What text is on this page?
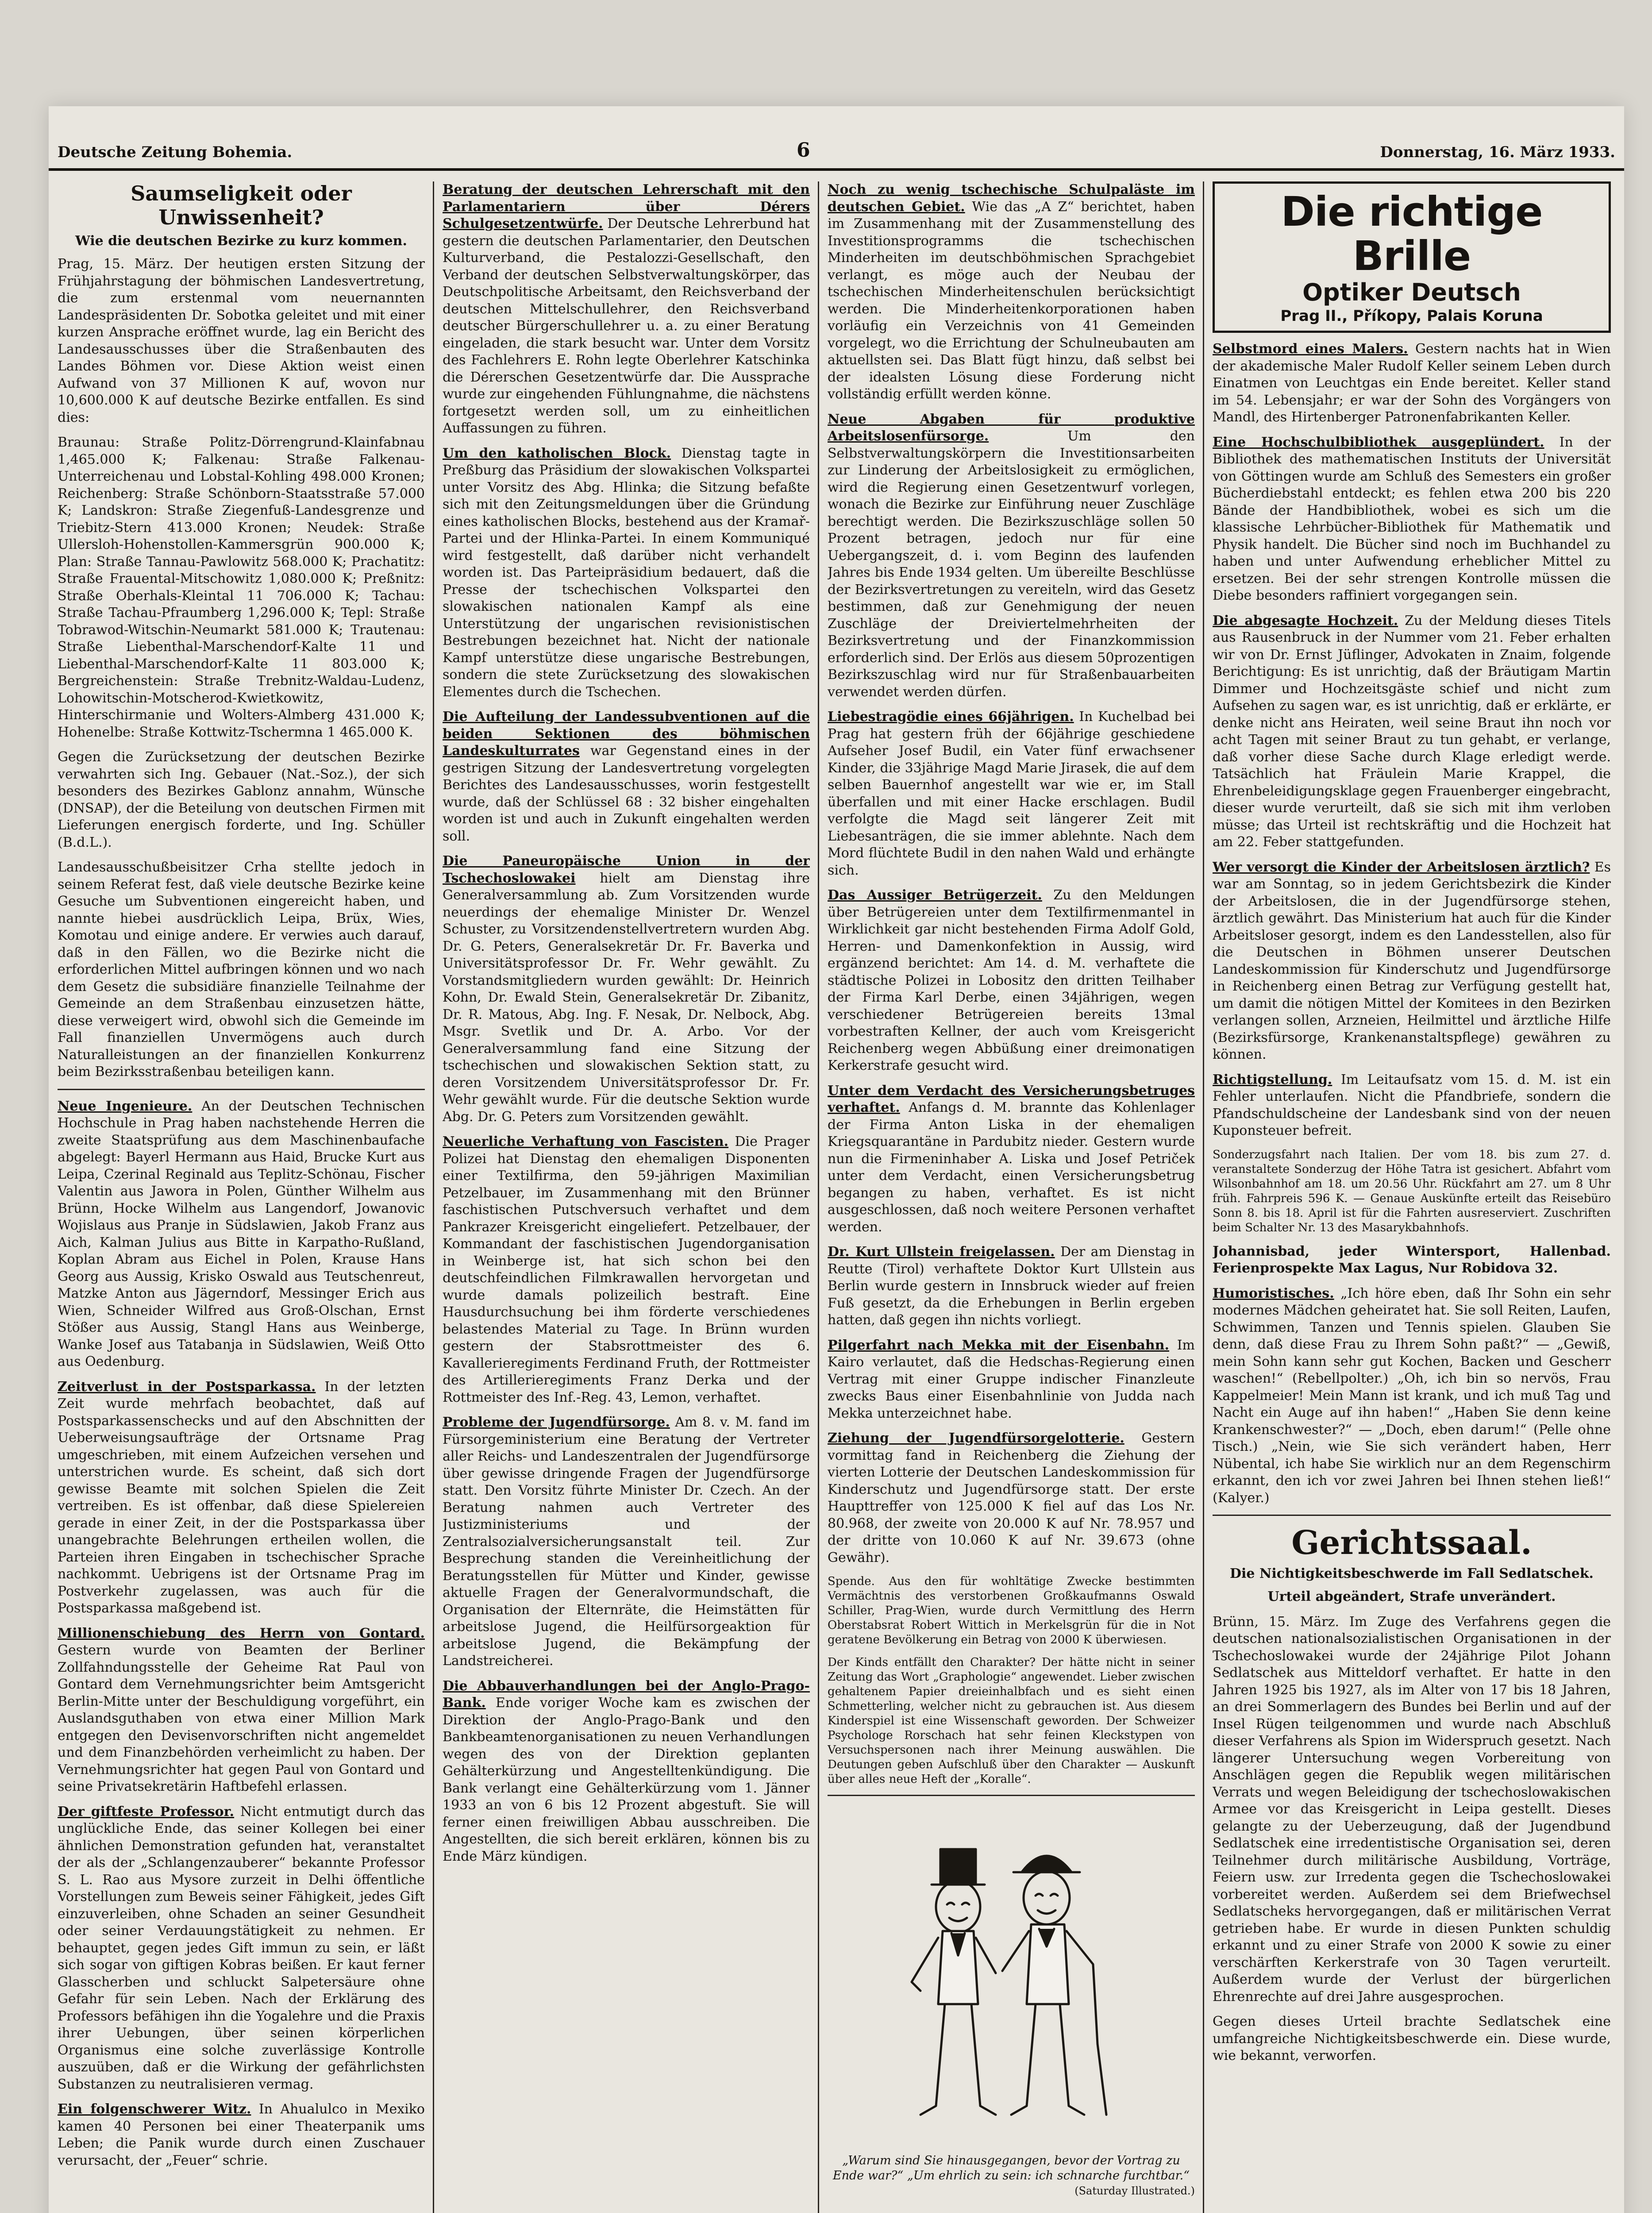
Deutsche Zeitung Bohemia.	6	Donnerstag, 16. März 1933.
Saumseligkeit oder Unwissenheit?
Wie die deutschen Bezirke zu kurz kommen.

Prag, 15. März. Der heutigen ersten Sitzung der Frühjahrstagung der böhmischen Landesvertretung, die zum erstenmal vom neuernannten Landespräsidenten Dr. Sobotka geleitet und mit einer kurzen Ansprache eröffnet wurde, lag ein Bericht des Landesausschusses über die Straßenbauten des Landes Böhmen vor. Diese Aktion weist einen Aufwand von 37 Millionen K auf, wovon nur 10,600.000 K auf deutsche Bezirke entfallen. Es sind dies:

Braunau: Straße Politz-Dörrengrund-Klainfabnau 1,465.000 K; Falkenau: Straße Falkenau-Unterreichenau und Lobstal-Kohling 498.000 Kronen; Reichenberg: Straße Schönborn-Staatsstraße 57.000 K; Landskron: Straße Ziegenfuß-Landesgrenze und Triebitz-Stern 413.000 Kronen; Neudek: Straße Ullersloh-Hohenstollen-Kammersgrün 900.000 K; Plan: Straße Tannau-Pawlowitz 568.000 K; Prachatitz: Straße Frauental-Mitschowitz 1,080.000 K; Preßnitz: Straße Oberhals-Kleintal 11 706.000 K; Tachau: Straße Tachau-Pfraumberg 1,296.000 K; Tepl: Straße Tobrawod-Witschin-Neumarkt 581.000 K; Trautenau: Straße Liebenthal-Marschendorf-Kalte 11 und Liebenthal-Marschendorf-Kalte 11 803.000 K; Bergreichenstein: Straße Trebnitz-Waldau-Ludenz, Lohowitschin-Motscherod-Kwietkowitz, Hinterschirmanie und Wolters-Almberg 431.000 K; Hohenelbe: Straße Kottwitz-Tschermna 1 465.000 K.

Gegen die Zurücksetzung der deutschen Bezirke verwahrten sich Ing. Gebauer (Nat.-Soz.), der sich besonders des Bezirkes Gablonz annahm, Wünsche (DNSAP), der die Beteilung von deutschen Firmen mit Lieferungen energisch forderte, und Ing. Schüller (B.d.L.).

Landesausschußbeisitzer Crha stellte jedoch in seinem Referat fest, daß viele deutsche Bezirke keine Gesuche um Subventionen eingereicht haben, und nannte hiebei ausdrücklich Leipa, Brüx, Wies, Komotau und einige andere. Er verwies auch darauf, daß in den Fällen, wo die Bezirke nicht die erforderlichen Mittel aufbringen können und wo nach dem Gesetz die subsidiäre finanzielle Teilnahme der Gemeinde an dem Straßenbau einzusetzen hätte, diese verweigert wird, obwohl sich die Gemeinde im Fall finanziellen Unvermögens auch durch Naturalleistungen an der finanziellen Konkurrenz beim Bezirksstraßenbau beteiligen kann.

Neue Ingenieure. An der Deutschen Technischen Hochschule in Prag haben nachstehende Herren die zweite Staatsprüfung aus dem Maschinenbaufache abgelegt: Bayerl Hermann aus Haid, Brucke Kurt aus Leipa, Czerinal Reginald aus Teplitz-Schönau, Fischer Valentin aus Jawora in Polen, Günther Wilhelm aus Brünn, Hocke Wilhelm aus Langendorf, Jowanovic Wojislaus aus Pranje in Südslawien, Jakob Franz aus Aich, Kalman Julius aus Bitte in Karpatho-Rußland, Koplan Abram aus Eichel in Polen, Krause Hans Georg aus Aussig, Krisko Oswald aus Teutschenreut, Matzke Anton aus Jägerndorf, Messinger Erich aus Wien, Schneider Wilfred aus Groß-Olschan, Ernst Stößer aus Aussig, Stangl Hans aus Weinberge, Wanke Josef aus Tatabanja in Südslawien, Weiß Otto aus Oedenburg.

Zeitverlust in der Postsparkassa. In der letzten Zeit wurde mehrfach beobachtet, daß auf Postsparkassenschecks und auf den Abschnitten der Ueberweisungsaufträge der Ortsname Prag umgeschrieben, mit einem Aufzeichen versehen und unterstrichen wurde. Es scheint, daß sich dort gewisse Beamte mit solchen Spielen die Zeit vertreiben. Es ist offenbar, daß diese Spielereien gerade in einer Zeit, in der die Postsparkassa über unangebrachte Belehrungen ertheilen wollen, die Parteien ihren Eingaben in tschechischer Sprache nachkommt. Uebrigens ist der Ortsname Prag im Postverkehr zugelassen, was auch für die Postsparkassa maßgebend ist.

Millionenschiebung des Herrn von Gontard. Gestern wurde von Beamten der Berliner Zollfahndungsstelle der Geheime Rat Paul von Gontard dem Vernehmungsrichter beim Amtsgericht Berlin-Mitte unter der Beschuldigung vorgeführt, ein Auslandsguthaben von etwa einer Million Mark entgegen den Devisenvorschriften nicht angemeldet und dem Finanzbehörden verheimlicht zu haben. Der Vernehmungsrichter hat gegen Paul von Gontard und seine Privatsekretärin Haftbefehl erlassen.

Der giftfeste Professor. Nicht entmutigt durch das unglückliche Ende, das seiner Kollegen bei einer ähnlichen Demonstration gefunden hat, veranstaltet der als der „Schlangenzauberer“ bekannte Professor S. L. Rao aus Mysore zurzeit in Delhi öffentliche Vorstellungen zum Beweis seiner Fähigkeit, jedes Gift einzuverleiben, ohne Schaden an seiner Gesundheit oder seiner Verdauungstätigkeit zu nehmen. Er behauptet, gegen jedes Gift immun zu sein, er läßt sich sogar von giftigen Kobras beißen. Er kaut ferner Glasscherben und schluckt Salpetersäure ohne Gefahr für sein Leben. Nach der Erklärung des Professors befähigen ihn die Yogalehre und die Praxis ihrer Uebungen, über seinen körperlichen Organismus eine solche zuverlässige Kontrolle auszuüben, daß er die Wirkung der gefährlichsten Substanzen zu neutralisieren vermag.

Ein folgenschwerer Witz. In Ahualulco in Mexiko kamen 40 Personen bei einer Theaterpanik ums Leben; die Panik wurde durch einen Zuschauer verursacht, der „Feuer“ schrie.

Beratung der deutschen Lehrerschaft mit den Parlamentariern über Dérers Schulgesetzentwürfe. Der Deutsche Lehrerbund hat gestern die deutschen Parlamentarier, den Deutschen Kulturverband, die Pestalozzi-Gesellschaft, den Verband der deutschen Selbstverwaltungskörper, das Deutschpolitische Arbeitsamt, den Reichsverband der deutschen Mittelschullehrer, den Reichsverband deutscher Bürgerschullehrer u. a. zu einer Beratung eingeladen, die stark besucht war. Unter dem Vorsitz des Fachlehrers E. Rohn legte Oberlehrer Katschinka die Dérerschen Gesetzentwürfe dar. Die Aussprache wurde zur eingehenden Fühlungnahme, die nächstens fortgesetzt werden soll, um zu einheitlichen Auffassungen zu führen.

Um den katholischen Block. Dienstag tagte in Preßburg das Präsidium der slowakischen Volkspartei unter Vorsitz des Abg. Hlinka; die Sitzung befaßte sich mit den Zeitungsmeldungen über die Gründung eines katholischen Blocks, bestehend aus der Kramař-Partei und der Hlinka-Partei. In einem Kommuniqué wird festgestellt, daß darüber nicht verhandelt worden ist. Das Parteipräsidium bedauert, daß die Presse der tschechischen Volkspartei den slowakischen nationalen Kampf als eine Unterstützung der ungarischen revisionistischen Bestrebungen bezeichnet hat. Nicht der nationale Kampf unterstütze diese ungarische Bestrebungen, sondern die stete Zurücksetzung des slowakischen Elementes durch die Tschechen.

Die Aufteilung der Landessubventionen auf die beiden Sektionen des böhmischen Landeskulturrates war Gegenstand eines in der gestrigen Sitzung der Landesvertretung vorgelegten Berichtes des Landesausschusses, worin festgestellt wurde, daß der Schlüssel 68 : 32 bisher eingehalten worden ist und auch in Zukunft eingehalten werden soll.

Die Paneuropäische Union in der Tschechoslowakei hielt am Dienstag ihre Generalversammlung ab. Zum Vorsitzenden wurde neuerdings der ehemalige Minister Dr. Wenzel Schuster, zu Vorsitzendenstellvertretern wurden Abg. Dr. G. Peters, Generalsekretär Dr. Fr. Baverka und Universitätsprofessor Dr. Fr. Wehr gewählt. Zu Vorstandsmitgliedern wurden gewählt: Dr. Heinrich Kohn, Dr. Ewald Stein, Generalsekretär Dr. Zibanitz, Dr. R. Matous, Abg. Ing. F. Nesak, Dr. Nelbock, Abg. Msgr. Svetlik und Dr. A. Arbo. Vor der Generalversammlung fand eine Sitzung der tschechischen und slowakischen Sektion statt, zu deren Vorsitzendem Universitätsprofessor Dr. Fr. Wehr gewählt wurde. Für die deutsche Sektion wurde Abg. Dr. G. Peters zum Vorsitzenden gewählt.

Neuerliche Verhaftung von Fascisten. Die Prager Polizei hat Dienstag den ehemaligen Disponenten einer Textilfirma, den 59-jährigen Maximilian Petzelbauer, im Zusammenhang mit den Brünner faschistischen Putschversuch verhaftet und dem Pankrazer Kreisgericht eingeliefert. Petzelbauer, der Kommandant der faschistischen Jugendorganisation in Weinberge ist, hat sich schon bei den deutschfeindlichen Filmkrawallen hervorgetan und wurde damals polizeilich bestraft. Eine Hausdurchsuchung bei ihm förderte verschiedenes belastendes Material zu Tage. In Brünn wurden gestern der Stabsrottmeister des 6. Kavallerieregiments Ferdinand Fruth, der Rottmeister des Artillerieregiments Franz Derka und der Rottmeister des Inf.-Reg. 43, Lemon, verhaftet.

Probleme der Jugendfürsorge. Am 8. v. M. fand im Fürsorgeministerium eine Beratung der Vertreter aller Reichs- und Landeszentralen der Jugendfürsorge über gewisse dringende Fragen der Jugendfürsorge statt. Den Vorsitz führte Minister Dr. Czech. An der Beratung nahmen auch Vertreter des Justizministeriums und der Zentralsozialversicherungsanstalt teil. Zur Besprechung standen die Vereinheitlichung der Beratungsstellen für Mütter und Kinder, gewisse aktuelle Fragen der Generalvormundschaft, die Organisation der Elternräte, die Heimstätten für arbeitslose Jugend, die Heilfürsorgeaktion für arbeitslose Jugend, die Bekämpfung der Landstreicherei.

Die Abbauverhandlungen bei der Anglo-Prago-Bank. Ende voriger Woche kam es zwischen der Direktion der Anglo-Prago-Bank und den Bankbeamtenorganisationen zu neuen Verhandlungen wegen des von der Direktion geplanten Gehälterkürzung und Angestelltenkündigung. Die Bank verlangt eine Gehälterkürzung vom 1. Jänner 1933 an von 6 bis 12 Prozent abgestuft. Sie will ferner einen freiwilligen Abbau ausschreiben. Die Angestellten, die sich bereit erklären, können bis zu Ende März kündigen.

Noch zu wenig tschechische Schulpaläste im deutschen Gebiet. Wie das „A Z“ berichtet, haben im Zusammenhang mit der Zusammenstellung des Investitionsprogramms die tschechischen Minderheiten im deutschböhmischen Sprachgebiet verlangt, es möge auch der Neubau der tschechischen Minderheitenschulen berücksichtigt werden. Die Minderheitenkorporationen haben vorläufig ein Verzeichnis von 41 Gemeinden vorgelegt, wo die Errichtung der Schulneubauten am aktuellsten sei. Das Blatt fügt hinzu, daß selbst bei der idealsten Lösung diese Forderung nicht vollständig erfüllt werden könne.

Neue Abgaben für produktive Arbeitslosenfürsorge.	Um den Selbstverwaltungskörpern die Investitionsarbeiten zur Linderung der Arbeitslosigkeit zu ermöglichen, wird die Regierung einen Gesetzentwurf vorlegen, wonach die Bezirke zur Einführung neuer Zuschläge berechtigt werden. Die Bezirkszuschläge sollen 50 Prozent betragen, jedoch nur für eine Uebergangszeit, d. i. vom Beginn des laufenden Jahres bis Ende 1934 gelten. Um übereilte Beschlüsse der Bezirksvertretungen zu vereiteln, wird das Gesetz bestimmen, daß zur Genehmigung der neuen Zuschläge der Dreiviertelmehrheiten der Bezirksvertretung und der Finanzkommission erforderlich sind. Der Erlös aus diesem 50prozentigen Bezirkszuschlag wird nur für Straßenbauarbeiten verwendet werden dürfen.

Liebestragödie eines 66jährigen. In Kuchelbad bei Prag hat gestern früh der 66jährige geschiedene Aufseher Josef Budil, ein Vater fünf erwachsener Kinder, die 33jährige Magd Marie Jirasek, die auf dem selben Bauernhof angestellt war wie er, im Stall überfallen und mit einer Hacke erschlagen. Budil verfolgte die Magd seit längerer Zeit mit Liebesanträgen, die sie immer ablehnte. Nach dem Mord flüchtete Budil in den nahen Wald und erhängte sich.

Das Aussiger Betrügerzeit. Zu den Meldungen über Betrügereien unter dem Textilfirmenmantel in Wirklichkeit gar nicht bestehenden Firma Adolf Gold, Herren- und Damenkonfektion in Aussig, wird ergänzend berichtet: Am 14. d. M. verhaftete die städtische Polizei in Lobositz den dritten Teilhaber der Firma Karl Derbe, einen 34jährigen, wegen verschiedener Betrügereien bereits 13mal vorbestraften Kellner, der auch vom Kreisgericht Reichenberg wegen Abbüßung einer dreimonatigen Kerkerstrafe gesucht wird.

Unter dem Verdacht des Versicherungsbetruges verhaftet. Anfangs d. M. brannte das Kohlenlager der Firma Anton Liska in der ehemaligen Kriegsquarantäne in Pardubitz nieder. Gestern wurde nun die Firmeninhaber A. Liska und Josef Petriček unter dem Verdacht, einen Versicherungsbetrug begangen zu haben, verhaftet. Es ist nicht ausgeschlossen, daß noch weitere Personen verhaftet werden.

Dr. Kurt Ullstein freigelassen. Der am Dienstag in Reutte (Tirol) verhaftete Doktor Kurt Ullstein aus Berlin wurde gestern in Innsbruck wieder auf freien Fuß gesetzt, da die Erhebungen in Berlin ergeben hatten, daß gegen ihn nichts vorliegt.

Pilgerfahrt nach Mekka mit der Eisenbahn. Im Kairo verlautet, daß die Hedschas-Regierung einen Vertrag mit einer Gruppe indischer Finanzleute zwecks Baus einer Eisenbahnlinie von Judda nach Mekka unterzeichnet habe.

Ziehung der Jugendfürsorgelotterie. Gestern vormittag fand in Reichenberg die Ziehung der vierten Lotterie der Deutschen Landeskommission für Kinderschutz und Jugendfürsorge statt. Der erste Haupttreffer von 125.000 K fiel auf das Los Nr. 80.968, der zweite von 20.000 K auf Nr. 78.957 und der dritte von 10.060 K auf Nr. 39.673 (ohne Gewähr).

Spende. Aus den für wohltätige Zwecke bestimmten Vermächtnis des verstorbenen Großkaufmanns Oswald Schiller, Prag-Wien, wurde durch Vermittlung des Herrn Oberstabsrat Robert Wittich in Merkelsgrün für die in Not geratene Bevölkerung ein Betrag von 2000 K überwiesen.

Der Kinds entfällt den Charakter? Der hätte nicht in seiner Zeitung das Wort „Graphologie“ angewendet. Lieber zwischen gehaltenem Papier dreieinhalbfach und es sieht einen Schmetterling, welcher nicht zu gebrauchen ist. Aus diesem Kinderspiel ist eine Wissenschaft geworden. Der Schweizer Psychologe Rorschach hat sehr feinen Kleckstypen von Versuchspersonen nach ihrer Meinung auswählen. Die Deutungen geben Aufschluß über den Charakter — Auskunft über alles neue Heft der „Koralle“.

„Warum sind Sie hinausgegangen, bevor der Vortrag zu Ende war?“ „Um ehrlich zu sein: ich schnarche furchtbar.“
(Saturday Illustrated.)

Die richtige Brille
Optiker Deutsch
Prag II., Příkopy, Palais Koruna

Selbstmord eines Malers. Gestern nachts hat in Wien der akademische Maler Rudolf Keller seinem Leben durch Einatmen von Leuchtgas ein Ende bereitet. Keller stand im 54. Lebensjahr; er war der Sohn des Vorgängers von Mandl, des Hirtenberger Patronenfabrikanten Keller.

Eine Hochschulbibliothek ausgeplündert. In der Bibliothek des mathematischen Instituts der Universität von Göttingen wurde am Schluß des Semesters ein großer Bücherdiebstahl entdeckt; es fehlen etwa 200 bis 220 Bände der Handbibliothek, wobei es sich um die klassische Lehrbücher-Bibliothek für Mathematik und Physik handelt. Die Bücher sind noch im Buchhandel zu haben und unter Aufwendung erheblicher Mittel zu ersetzen. Bei der sehr strengen Kontrolle müssen die Diebe besonders raffiniert vorgegangen sein.

Die abgesagte Hochzeit. Zu der Meldung dieses Titels aus Rausenbruck in der Nummer vom 21. Feber erhalten wir von Dr. Ernst Jüflinger, Advokaten in Znaim, folgende Berichtigung: Es ist unrichtig, daß der Bräutigam Martin Dimmer und Hochzeitsgäste schief und nicht zum Aufsehen zu sagen war, es ist unrichtig, daß er erklärte, er denke nicht ans Heiraten, weil seine Braut ihn noch vor acht Tagen mit seiner Braut zu tun gehabt, er verlange, daß vorher diese Sache durch Klage erledigt werde. Tatsächlich hat Fräulein Marie Krappel, die Ehrenbeleidigungsklage gegen Frauenberger eingebracht, dieser wurde verurteilt, daß sie sich mit ihm verloben müsse; das Urteil ist rechtskräftig und die Hochzeit hat am 22. Feber stattgefunden.

Wer versorgt die Kinder der Arbeitslosen ärztlich? Es war am Sonntag, so in jedem Gerichtsbezirk die Kinder der Arbeitslosen, die in der Jugendfürsorge stehen, ärztlich gewährt. Das Ministerium hat auch für die Kinder Arbeitsloser gesorgt, indem es den Landesstellen, also für die Deutschen in Böhmen unserer Deutschen Landeskommission für Kinderschutz und Jugendfürsorge in Reichenberg einen Betrag zur Verfügung gestellt hat, um damit die nötigen Mittel der Komitees in den Bezirken verlangen sollen, Arzneien, Heilmittel und ärztliche Hilfe (Bezirksfürsorge, Krankenanstaltspflege) gewähren zu können.

Richtigstellung. Im Leitaufsatz vom 15. d. M. ist ein Fehler unterlaufen. Nicht die Pfandbriefe, sondern die Pfandschuldscheine der Landesbank sind von der neuen Kuponsteuer befreit.

Sonderzugsfahrt nach Italien. Der vom 18. bis zum 27. d. veranstaltete Sonderzug der Höhe Tatra ist gesichert. Abfahrt vom Wilsonbahnhof am 18. um 20.56 Uhr. Rückfahrt am 27. um 8 Uhr früh. Fahrpreis 596 K. — Genaue Auskünfte erteilt das Reisebüro Sonn 8. bis 18. April ist für die Fahrten ausreserviert. Zuschriften beim Schalter Nr. 13 des Masarykbahnhofs.

Johannisbad, jeder Wintersport, Hallenbad. Ferienprospekte Max Lagus, Nur Robidova 32.

Humoristisches. „Ich höre eben, daß Ihr Sohn ein sehr modernes Mädchen geheiratet hat. Sie soll Reiten, Laufen, Schwimmen, Tanzen und Tennis spielen. Glauben Sie denn, daß diese Frau zu Ihrem Sohn paßt?“ — „Gewiß, mein Sohn kann sehr gut Kochen, Backen und Gescherr waschen!“ (Rebellpolter.) „Oh, ich bin so nervös, Frau Kappelmeier! Mein Mann ist krank, und ich muß Tag und Nacht ein Auge auf ihn haben!“ „Haben Sie denn keine Krankenschwester?“ — „Doch, eben darum!“ (Pelle ohne Tisch.) „Nein, wie Sie sich verändert haben, Herr Nübental, ich habe Sie wirklich nur an dem Regenschirm erkannt, den ich vor zwei Jahren bei Ihnen stehen ließ!“ (Kalyer.)

Gerichtssaal.
Die Nichtigkeitsbeschwerde im Fall Sedlatschek.

Urteil abgeändert, Strafe unverändert.

Brünn, 15. März. Im Zuge des Verfahrens gegen die deutschen nationalsozialistischen Organisationen in der Tschechoslowakei wurde der 24jährige Pilot Johann Sedlatschek aus Mitteldorf verhaftet. Er hatte in den Jahren 1925 bis 1927, als im Alter von 17 bis 18 Jahren, an drei Sommerlagern des Bundes bei Berlin und auf der Insel Rügen teilgenommen und wurde nach Abschluß dieser Verfahrens als Spion im Widerspruch gesetzt. Nach längerer Untersuchung wegen Vorbereitung von Anschlägen gegen die Republik wegen militärischen Verrats und wegen Beleidigung der tschechoslowakischen Armee vor das Kreisgericht in Leipa gestellt. Dieses gelangte zu der Ueberzeugung, daß der Jugendbund Sedlatschek eine irredentistische Organisation sei, deren Teilnehmer durch militärische Ausbildung, Vorträge, Feiern usw. zur Irredenta gegen die Tschechoslowakei vorbereitet werden. Außerdem sei dem Briefwechsel Sedlatscheks hervorgegangen, daß er militärischen Verrat getrieben habe. Er wurde in diesen Punkten schuldig erkannt und zu einer Strafe von 2000 K sowie zu einer verschärften Kerkerstrafe von 30 Tagen verurteilt. Außerdem wurde der Verlust der bürgerlichen Ehrenrechte auf drei Jahre ausgesprochen.

Gegen dieses Urteil brachte Sedlatschek eine umfangreiche Nichtigkeitsbeschwerde ein. Diese wurde, wie bekannt, verworfen.
